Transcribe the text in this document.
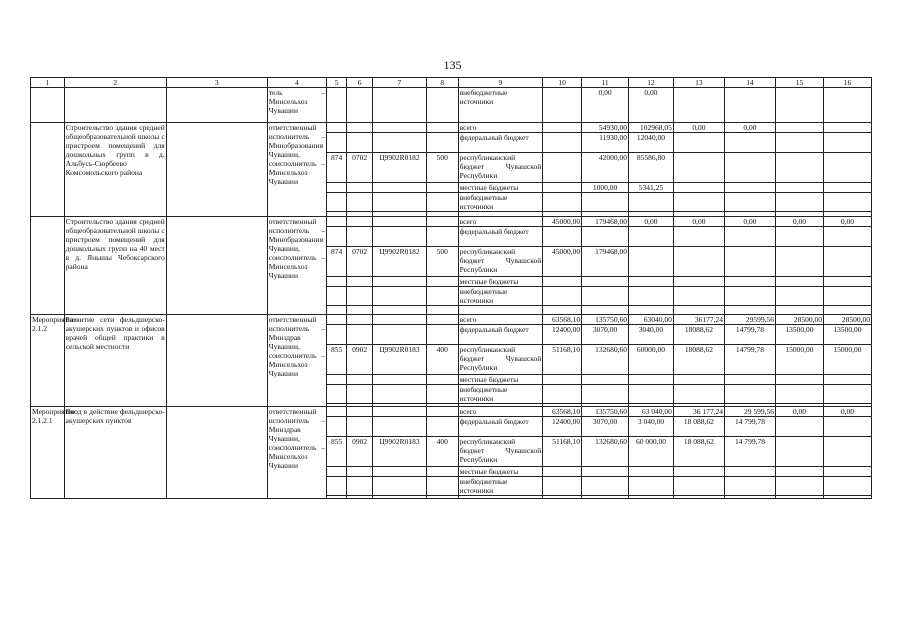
135
1	2	3	4	5	6	7	8	9	10	11	12	13	14	15	16
			тель – Минсельхоз Чувашии					внебюджетные источники		0,00	0,00				
	Строительство здания средней общеобразовательной школы с пристроем помещений для дошкольных групп в д. Альбусь-Сюрбеево Комсомольского района		ответственный исполнитель – Минобразования Чувашии, соисполнитель – Минсельхоз Чувашии					всего		54930,00	102968,05	0,00	0,00		
								федеральный бюджет		11930,00	12040,00				
				874	0702	Ц9902R0182	500	республиканский бюджет Чувашской Республики		42000,00	85586,80				
								местные бюджеты		1000,00	5341,25				
								внебюджетные источники							

	Строительство здания средней общеобразовательной школы с пристроем помещений для дошкольных групп на 40 мест в д. Янышы Чебоксарского района		ответственный исполнитель – Минобразования Чувашии, соисполнитель – Минсельхоз Чувашии					всего	45000,00	179468,00	0,00	0,00	0,00	0,00	0,00
								федеральный бюджет							
				874	0702	Ц9902R0182	500	республиканский бюджет Чувашской Республики	45000,00	179468,00					
								местные бюджеты							
								внебюджетные источники							

Мероприятие 2.1.2	Развитие сети фельдшерско-акушерских пунктов и офисов врачей общей практики в сельской местности		ответственный исполнитель – Минздрав Чувашии, соисполнитель – Минсельхоз Чувашии					всего	63568,10	135750,60	63040,00	36177,24	29599,56	28500,00	28500,00
								федеральный бюджет	12400,00	3070,00	3040,00	18088,62	14799,78	13500,00	13500,00
				855	0902	Ц9902R0183	400	республиканский бюджет Чувашской Республики	51168,10	132680,60	60000,00	18088,62	14799,78	15000,00	15000,00
								местные бюджеты							
								внебюджетные источники							

Мероприятие 2.1.2.1	Ввод в действие фельдшерско-акушерских пунктов		ответственный исполнитель – Минздрав Чувашии, соисполнитель – Минсельхоз Чувашии					всего	63568,10	135750,60	63 040,00	36 177,24	29 599,56	0,00	0,00
								федеральный бюджет	12400,00	3070,00	3 040,00	18 088,62	14 799,78		
				855	0902	Ц9902R0183	400	республиканский бюджет Чувашской Республики	51168,10	132680,60	60 000,00	18 088,62	14 799,78		
								местные бюджеты							
								внебюджетные источники							
